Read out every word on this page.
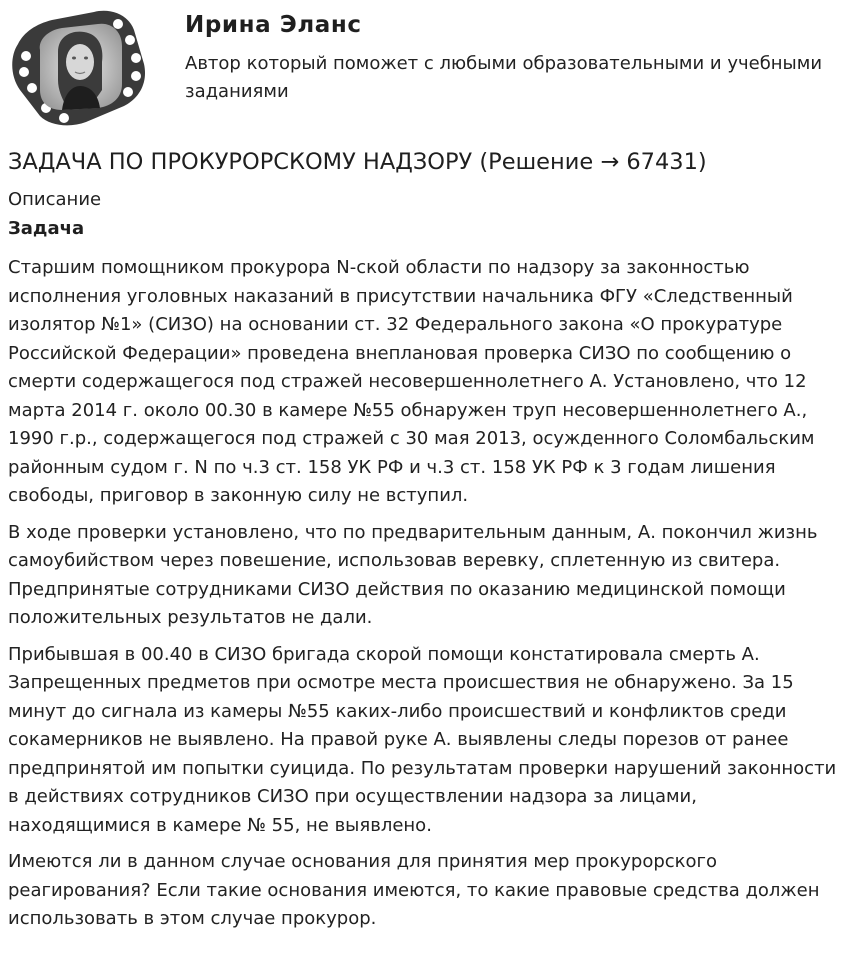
Ирина Эланс

Автор который поможет с любыми образовательными и учебными заданиями

ЗАДАЧА ПО ПРОКУРОРСКОМУ НАДЗОРУ (Решение → 67431)
Описание
Задача

Старшим помощником прокурора N-ской области по надзору за законностью исполнения уголовных наказаний в присутствии начальника ФГУ «Следственный изолятор №1» (СИЗО) на основании ст. 32 Федерального закона «О прокуратуре Российской Федерации» проведена внеплановая проверка СИЗО по сообщению о смерти содержащегося под стражей несовершеннолетнего А. Установлено, что 12 марта 2014 г. около 00.30 в камере №55 обнаружен труп несовершеннолетнего А., 1990 г.р., содержащегося под стражей с 30 мая 2013, осужденного Соломбальским районным судом г. N по ч.3 ст. 158 УК РФ и ч.3 ст. 158 УК РФ к 3 годам лишения свободы, приговор в законную силу не вступил.

В ходе проверки установлено, что по предварительным данным, А. покончил жизнь самоубийством через повешение, использовав веревку, сплетенную из свитера. Предпринятые сотрудниками СИЗО действия по оказанию медицинской помощи положительных результатов не дали.

Прибывшая в 00.40 в СИЗО бригада скорой помощи констатировала смерть А. Запрещенных предметов при осмотре места происшествия не обнаружено. За 15 минут до сигнала из камеры №55 каких-либо происшествий и конфликтов среди сокамерников не выявлено. На правой руке А. выявлены следы порезов от ранее предпринятой им попытки суицида. По результатам проверки нарушений законности в действиях сотрудников СИЗО при осуществлении надзора за лицами, находящимися в камере № 55, не выявлено.

Имеются ли в данном случае основания для принятия мер прокурорского реагирования? Если такие основания имеются, то какие правовые средства должен использовать в этом случае прокурор.
